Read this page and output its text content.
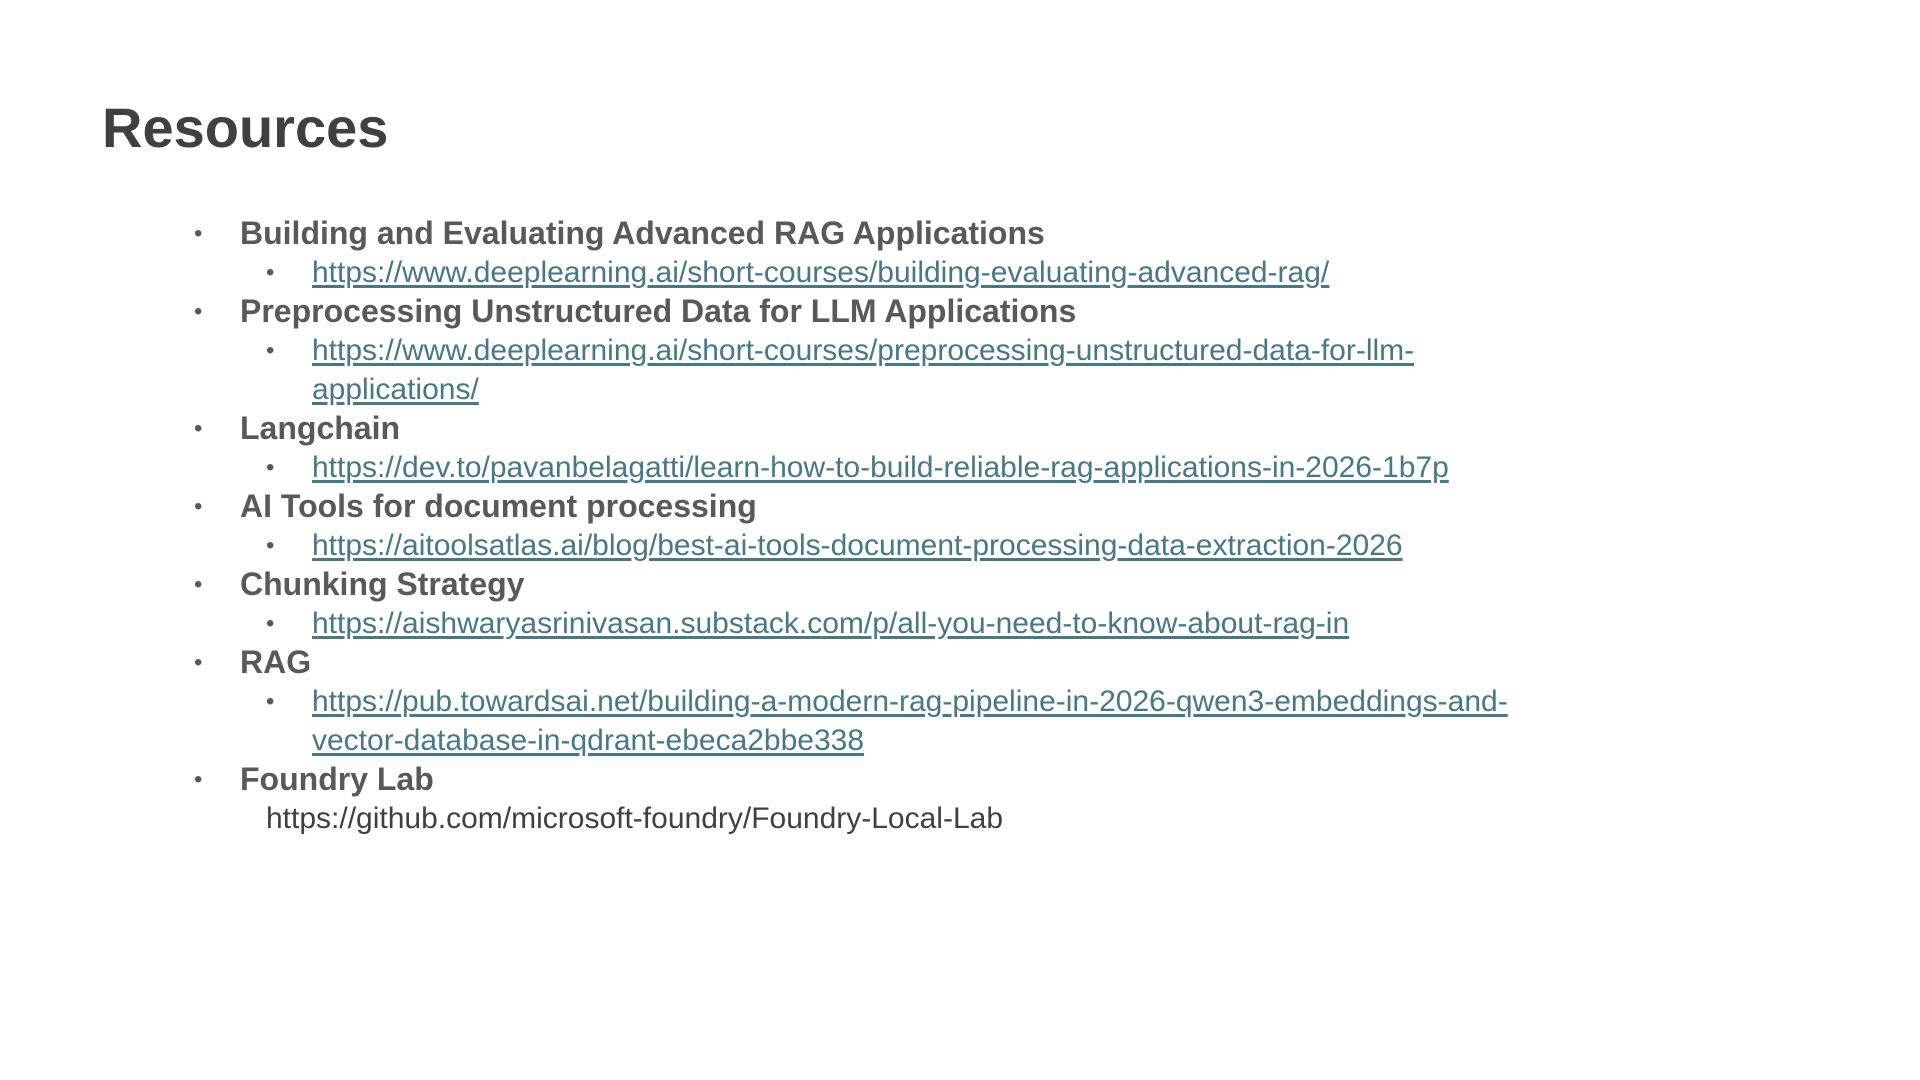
Resources
• Building and Evaluating Advanced RAG Applications
• https://www.deeplearning.ai/short-courses/building-evaluating-advanced-rag/
• Preprocessing Unstructured Data for LLM Applications
• https://www.deeplearning.ai/short-courses/preprocessing-unstructured-data-for-llm-applications/
• Langchain
• https://dev.to/pavanbelagatti/learn-how-to-build-reliable-rag-applications-in-2026-1b7p
• AI Tools for document processing
• https://aitoolsatlas.ai/blog/best-ai-tools-document-processing-data-extraction-2026
• Chunking Strategy
• https://aishwaryasrinivasan.substack.com/p/all-you-need-to-know-about-rag-in
• RAG
• https://pub.towardsai.net/building-a-modern-rag-pipeline-in-2026-qwen3-embeddings-and-vector-database-in-qdrant-ebeca2bbe338
• Foundry Lab
https://github.com/microsoft-foundry/Foundry-Local-Lab
